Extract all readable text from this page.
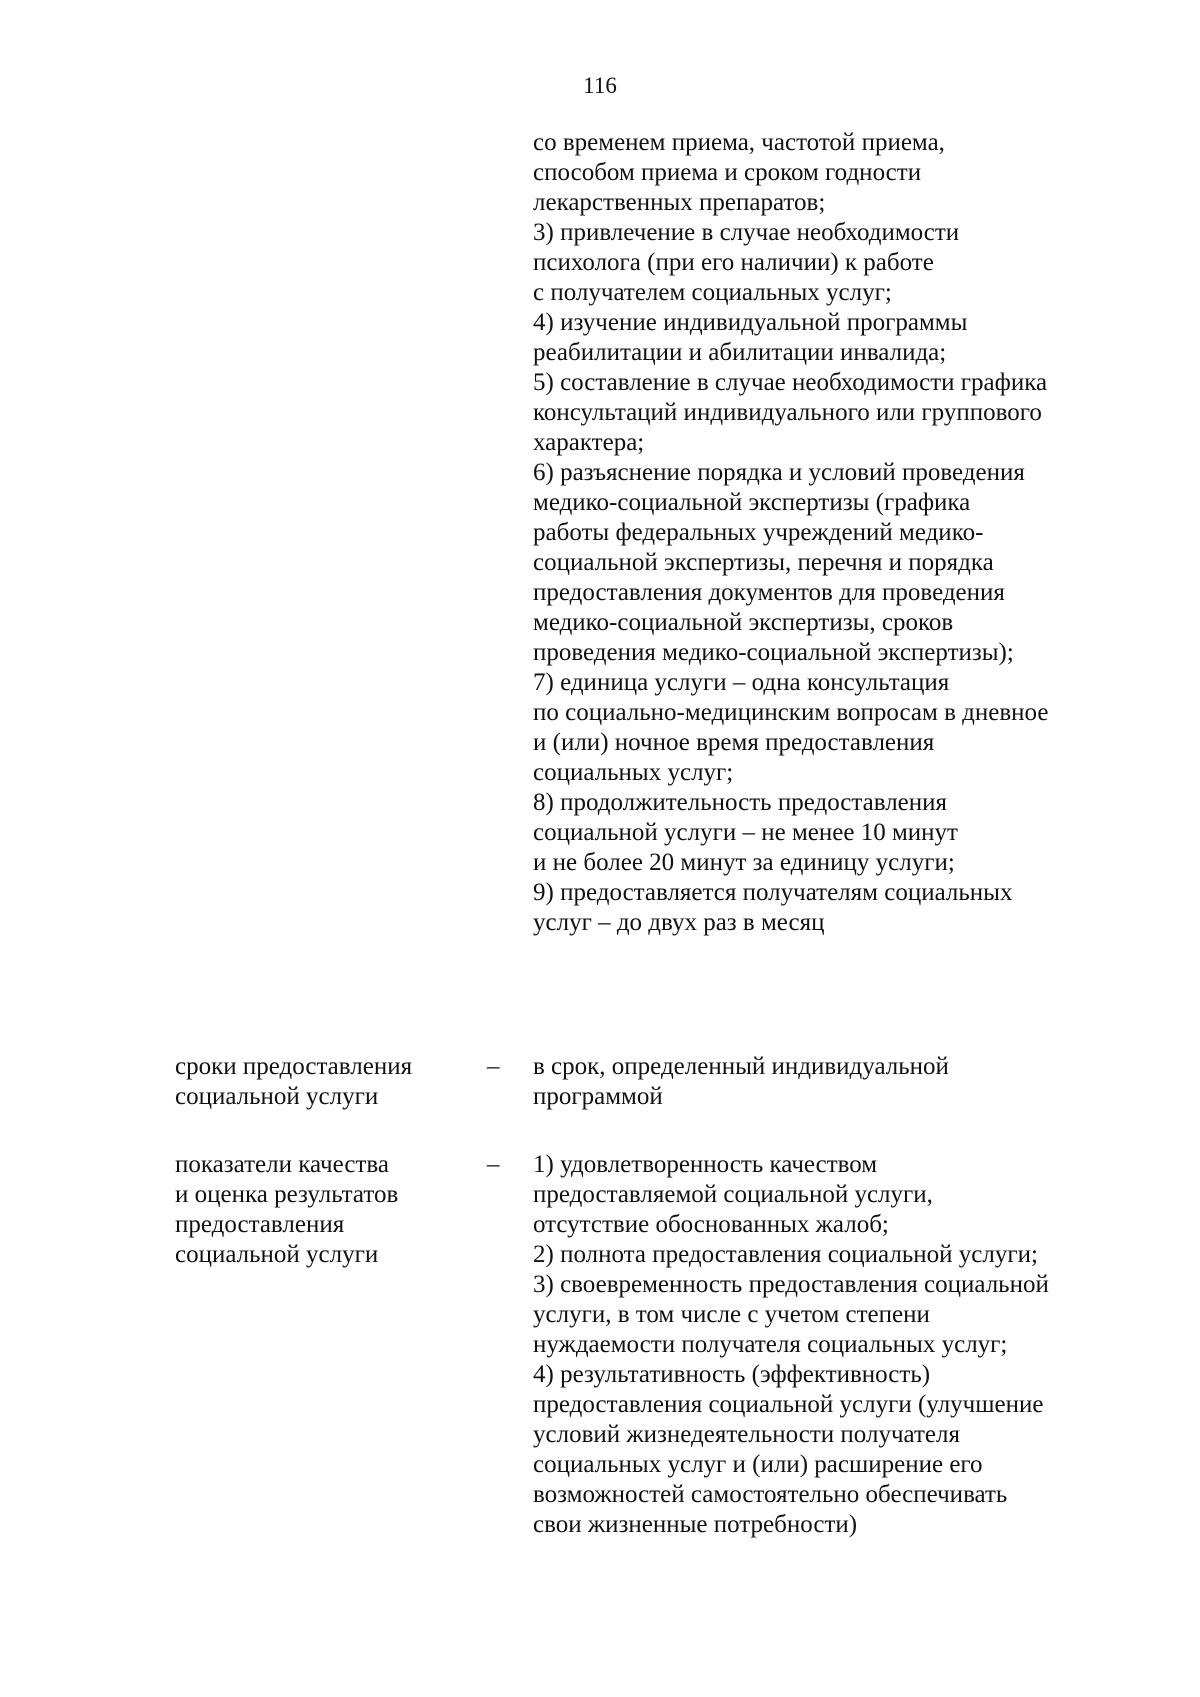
116
со временем приема, частотой приема,
способом приема и сроком годности
лекарственных препаратов;
3) привлечение в случае необходимости
психолога (при его наличии) к работе
с получателем социальных услуг;
4) изучение индивидуальной программы
реабилитации и абилитации инвалида;
5) составление в случае необходимости графика
консультаций индивидуального или группового
характера;
6) разъяснение порядка и условий проведения
медико-социальной экспертизы (графика
работы федеральных учреждений медико-
социальной экспертизы, перечня и порядка
предоставления документов для проведения
медико-социальной экспертизы, сроков
проведения медико-социальной экспертизы);
7) единица услуги – одна консультация
по социально-медицинским вопросам в дневное
и (или) ночное время предоставления
социальных услуг;
8) продолжительность предоставления
социальной услуги – не менее 10 минут
и не более 20 минут за единицу услуги;
9) предоставляется получателям социальных
услуг – до двух раз в месяц
сроки предоставления
социальной услуги
–	в срок, определенный индивидуальной
программой
показатели качества
и оценка результатов
предоставления
социальной услуги
–	1) удовлетворенность качеством
предоставляемой социальной услуги,
отсутствие обоснованных жалоб;
2) полнота предоставления социальной услуги;
3) своевременность предоставления социальной
услуги, в том числе с учетом степени
нуждаемости получателя социальных услуг;
4) результативность (эффективность)
предоставления социальной услуги (улучшение
условий жизнедеятельности получателя
социальных услуг и (или) расширение его
возможностей самостоятельно обеспечивать
свои жизненные потребности)
